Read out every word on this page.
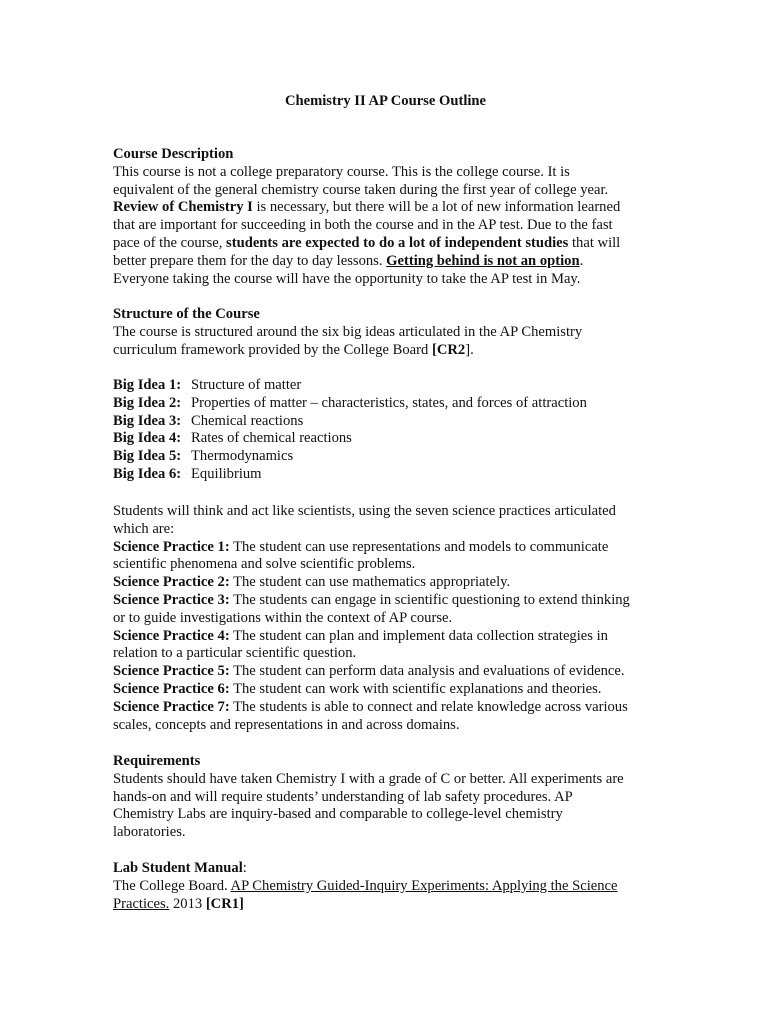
Chemistry II AP Course Outline
Course Description
This course is not a college preparatory course. This is the college course. It is
equivalent of the general chemistry course taken during the first year of college year.
Review of Chemistry I is necessary, but there will be a lot of new information learned
that are important for succeeding in both the course and in the AP test. Due to the fast
pace of the course, students are expected to do a lot of independent studies that will
better prepare them for the day to day lessons. Getting behind is not an option.
Everyone taking the course will have the opportunity to take the AP test in May.
Structure of the Course
The course is structured around the six big ideas articulated in the AP Chemistry
curriculum framework provided by the College Board [CR2].
Big Idea 1: Structure of matter
Big Idea 2: Properties of matter – characteristics, states, and forces of attraction
Big Idea 3: Chemical reactions
Big Idea 4: Rates of chemical reactions
Big Idea 5: Thermodynamics
Big Idea 6: Equilibrium
Students will think and act like scientists, using the seven science practices articulated
which are:
Science Practice 1: The student can use representations and models to communicate
scientific phenomena and solve scientific problems.
Science Practice 2: The student can use mathematics appropriately.
Science Practice 3: The students can engage in scientific questioning to extend thinking
or to guide investigations within the context of AP course.
Science Practice 4: The student can plan and implement data collection strategies in
relation to a particular scientific question.
Science Practice 5: The student can perform data analysis and evaluations of evidence.
Science Practice 6: The student can work with scientific explanations and theories.
Science Practice 7: The students is able to connect and relate knowledge across various
scales, concepts and representations in and across domains.
Requirements
Students should have taken Chemistry I with a grade of C or better. All experiments are
hands-on and will require students’ understanding of lab safety procedures. AP
Chemistry Labs are inquiry-based and comparable to college-level chemistry
laboratories.
Lab Student Manual:
The College Board. AP Chemistry Guided-Inquiry Experiments: Applying the Science
Practices. 2013 [CR1]
